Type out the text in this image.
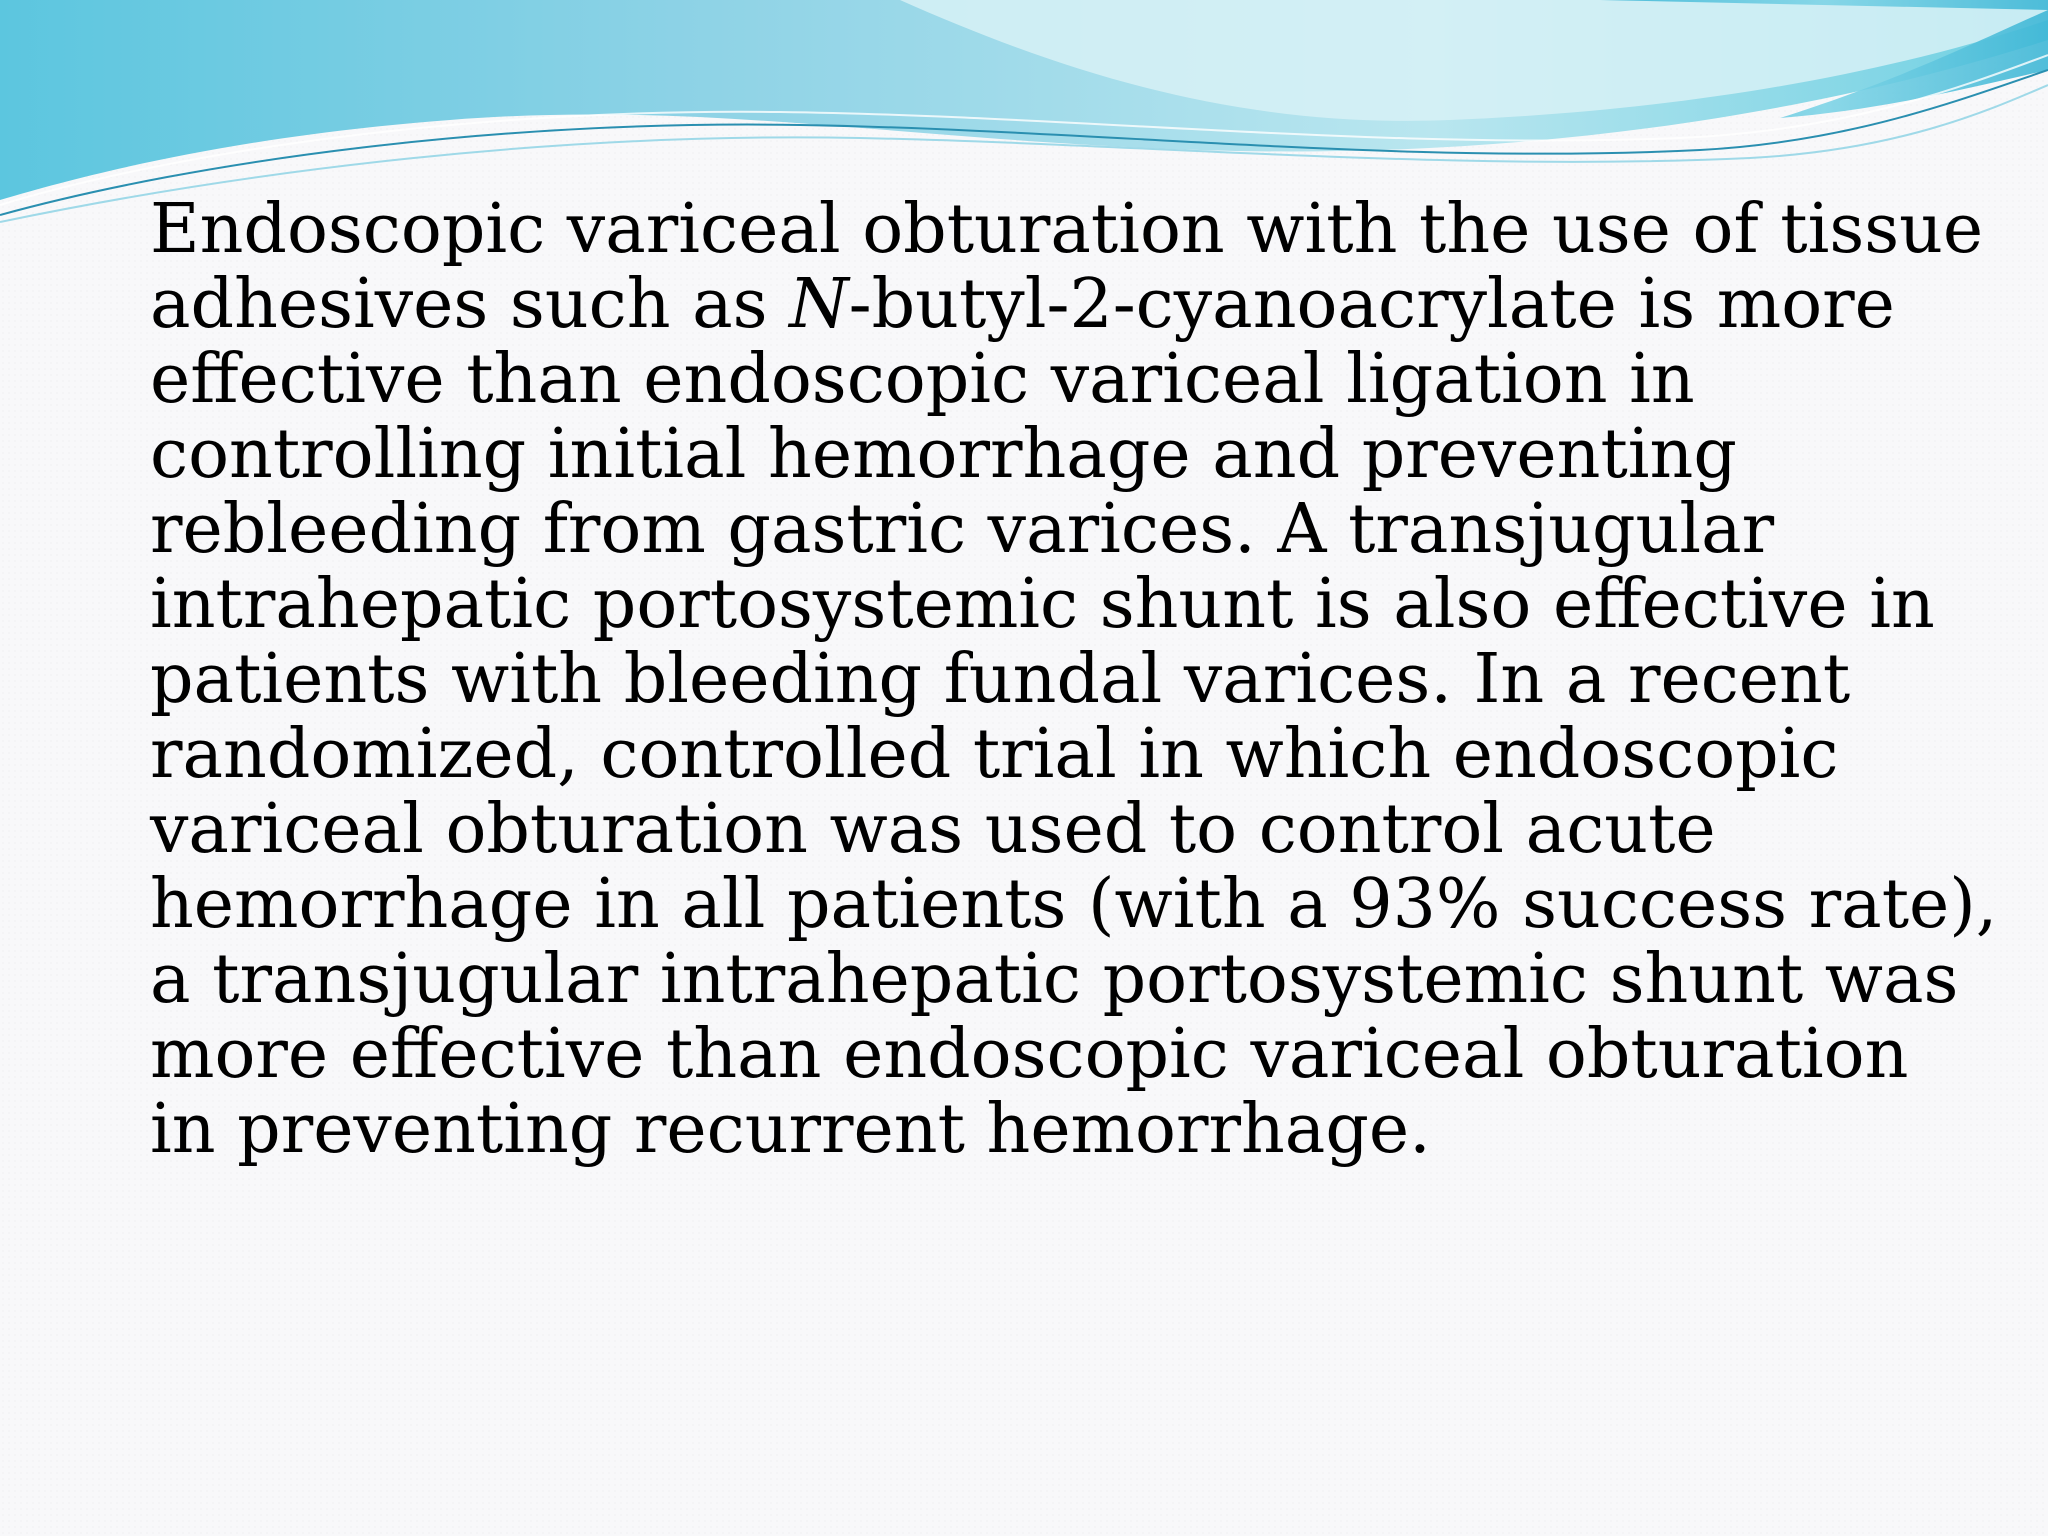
Endoscopic variceal obturation with the use of tissue
adhesives such as N-butyl-2-cyanoacrylate is more
effective than endoscopic variceal ligation in
controlling initial hemorrhage and preventing
rebleeding from gastric varices. A transjugular
intrahepatic portosystemic shunt is also effective in
patients with bleeding fundal varices. In a recent
randomized, controlled trial in which endoscopic
variceal obturation was used to control acute
hemorrhage in all patients (with a 93% success rate),
a transjugular intrahepatic portosystemic shunt was
more effective than endoscopic variceal obturation
in preventing recurrent hemorrhage.
